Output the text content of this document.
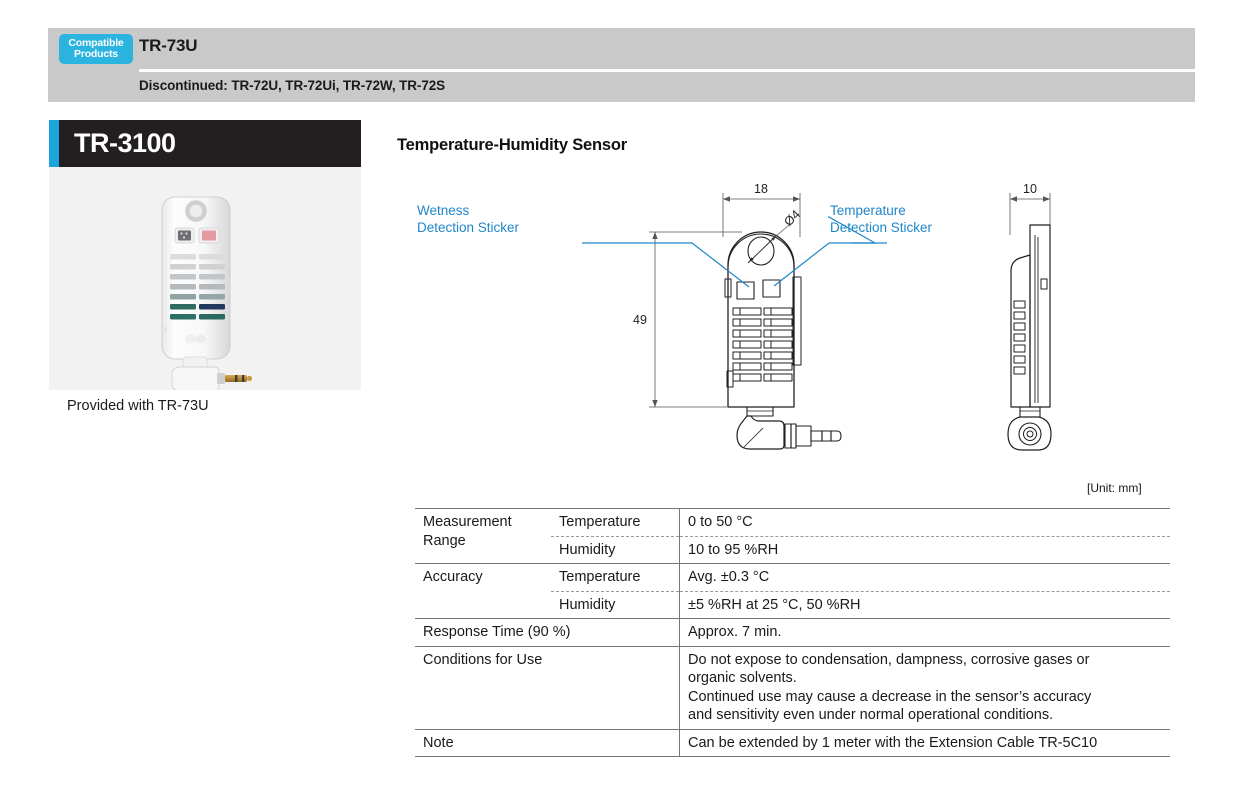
Compatible
Products TR-73U
Discontinued: TR-72U, TR-72Ui, TR-72W, TR-72S
TR-3100
Provided with TR-73U
Temperature-Humidity Sensor
18
49
Ø4
10
Wetness
Detection Sticker
Temperature
Detection Sticker
[Unit: mm]
Measurement
Range	Temperature	0 to 50 °C
	Humidity	10 to 95 %RH
Accuracy	Temperature	Avg. ±0.3 °C
	Humidity	±5 %RH at 25 °C, 50 %RH
Response Time (90 %)		Approx. 7 min.
Conditions for Use		Do not expose to condensation, dampness, corrosive gases or
organic solvents.
Continued use may cause a decrease in the sensor’s accuracy
and sensitivity even under normal operational conditions.
Note		Can be extended by 1 meter with the Extension Cable TR-5C10
